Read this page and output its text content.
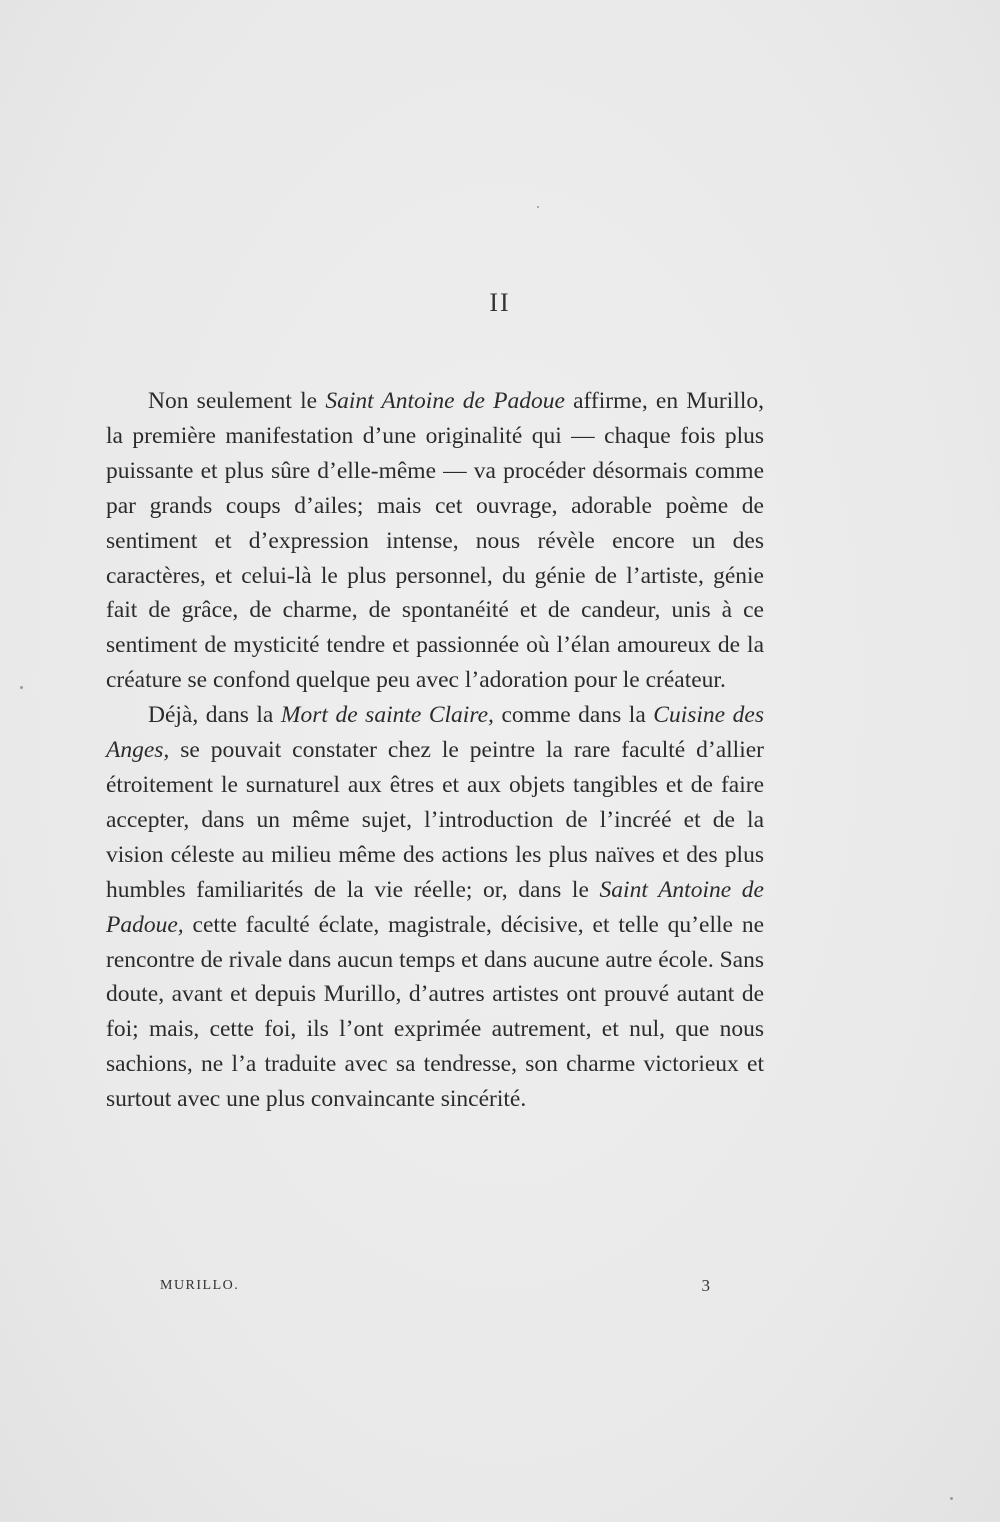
II

Non seulement le Saint Antoine de Padoue affirme, en Murillo, la première manifestation d’une originalité qui — chaque fois plus puissante et plus sûre d’elle-même — va procéder désormais comme par grands coups d’ailes; mais cet ouvrage, adorable poème de sentiment et d’expression intense, nous révèle encore un des caractères, et celui-là le plus personnel, du génie de l’artiste, génie fait de grâce, de charme, de spontanéité et de candeur, unis à ce sentiment de mysticité tendre et passionnée où l’élan amoureux de la créature se confond quelque peu avec l’adoration pour le créateur.

Déjà, dans la Mort de sainte Claire, comme dans la Cuisine des Anges, se pouvait constater chez le peintre la rare faculté d’allier étroitement le surnaturel aux êtres et aux objets tangibles et de faire accepter, dans un même sujet, l’introduction de l’incréé et de la vision céleste au milieu même des actions les plus naïves et des plus humbles familiarités de la vie réelle; or, dans le Saint Antoine de Padoue, cette faculté éclate, magistrale, décisive, et telle qu’elle ne rencontre de rivale dans aucun temps et dans aucune autre école. Sans doute, avant et depuis Murillo, d’autres artistes ont prouvé autant de foi; mais, cette foi, ils l’ont exprimée autrement, et nul, que nous sachions, ne l’a traduite avec sa tendresse, son charme victorieux et surtout avec une plus convaincante sincérité.

MURILLO.	3
